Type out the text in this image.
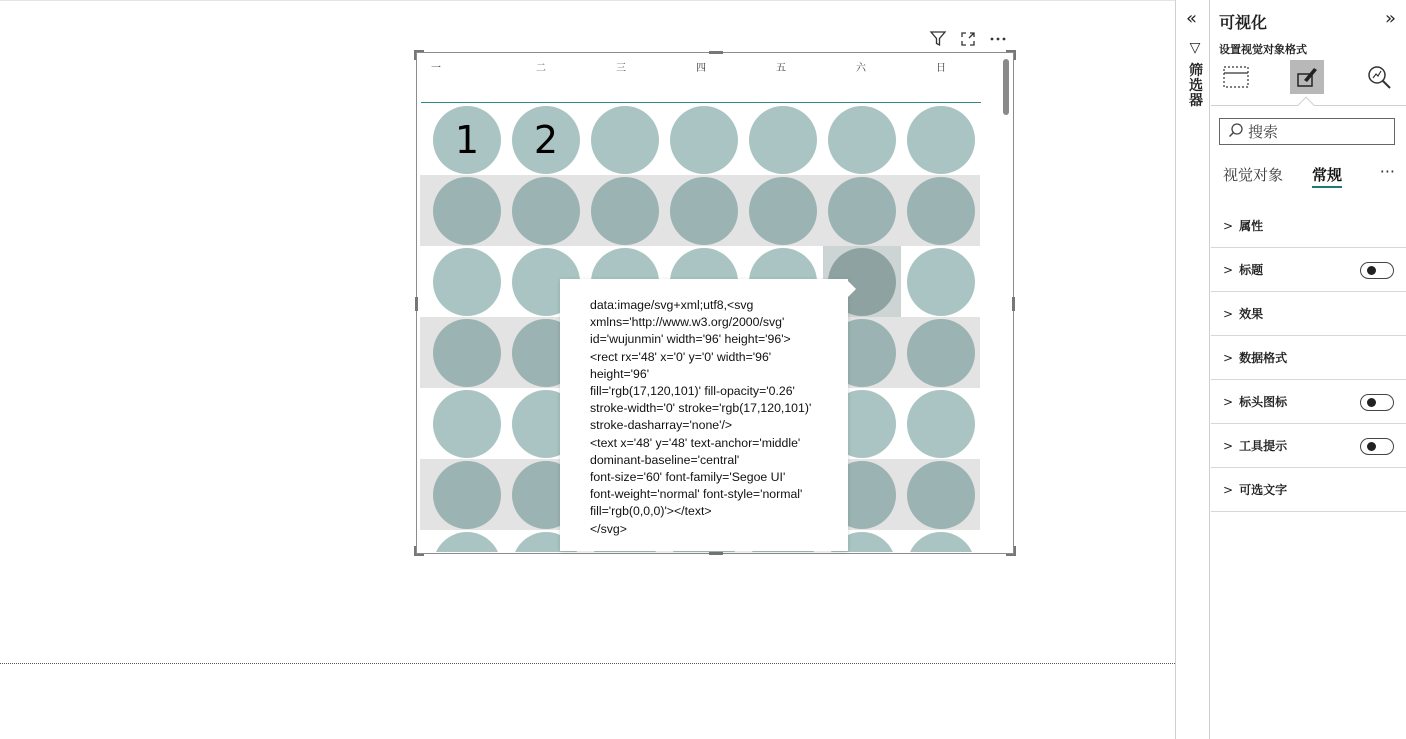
一	二	三	四	五	六	日
1	2
data:image/svg+xml;utf8,<svg
xmlns='http://www.w3.org/2000/svg'
id='wujunmin' width='96' height='96'>
<rect rx='48' x='0' y='0' width='96'
height='96'
fill='rgb(17,120,101)' fill-opacity='0.26'
stroke-width='0' stroke='rgb(17,120,101)'
stroke-dasharray='none'/>
<text x='48' y='48' text-anchor='middle'
dominant-baseline='central'
font-size='60' font-family='Segoe UI'
font-weight='normal' font-style='normal'
fill='rgb(0,0,0)'></text>
</svg>
«
▽ 筛选器
可视化	»
设置视觉对象格式
搜索
视觉对象 常规 ···
> 属性
> 标题
> 效果
> 数据格式
> 标头图标
> 工具提示
> 可选文字
